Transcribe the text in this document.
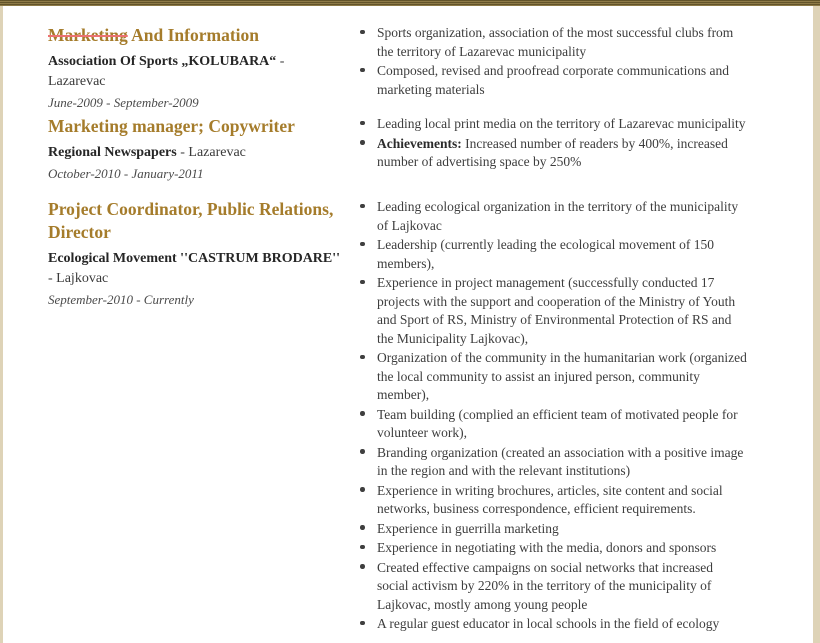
Marketing And Information

Association Of Sports „KOLUBARA“ - Lazarevac

June-2009 - September-2009

Sports organization, association of the most successful clubs from the territory of Lazarevac municipality
Composed, revised and proofread corporate communications and marketing materials
Marketing manager; Copywriter

Regional Newspapers - Lazarevac

October-2010 - January-2011

Leading local print media on the territory of Lazarevac municipality
Achievements: Increased number of readers by 400%, increased number of advertising space by 250%
Project Coordinator, Public Relations, Director

Ecological Movement ''CASTRUM BRODARE'' - Lajkovac

September-2010 - Currently

Leading ecological organization in the territory of the municipality of Lajkovac
Leadership (currently leading the ecological movement of 150 members),
Experience in project management (successfully conducted 17 projects with the support and cooperation of the Ministry of Youth and Sport of RS, Ministry of Environmental Protection of RS and the Municipality Lajkovac),
Organization of the community in the humanitarian work (organized the local community to assist an injured person, community member),
Team building (complied an efficient team of motivated people for volunteer work),
Branding organization (created an association with a positive image in the region and with the relevant institutions)
Experience in writing brochures, articles, site content and social networks, business correspondence, efficient requirements.
Experience in guerrilla marketing
Experience in negotiating with the media, donors and sponsors
Created effective campaigns on social networks that increased social activism by 220% in the territory of the municipality of Lajkovac, mostly among young people
A regular guest educator in local schools in the field of ecology
